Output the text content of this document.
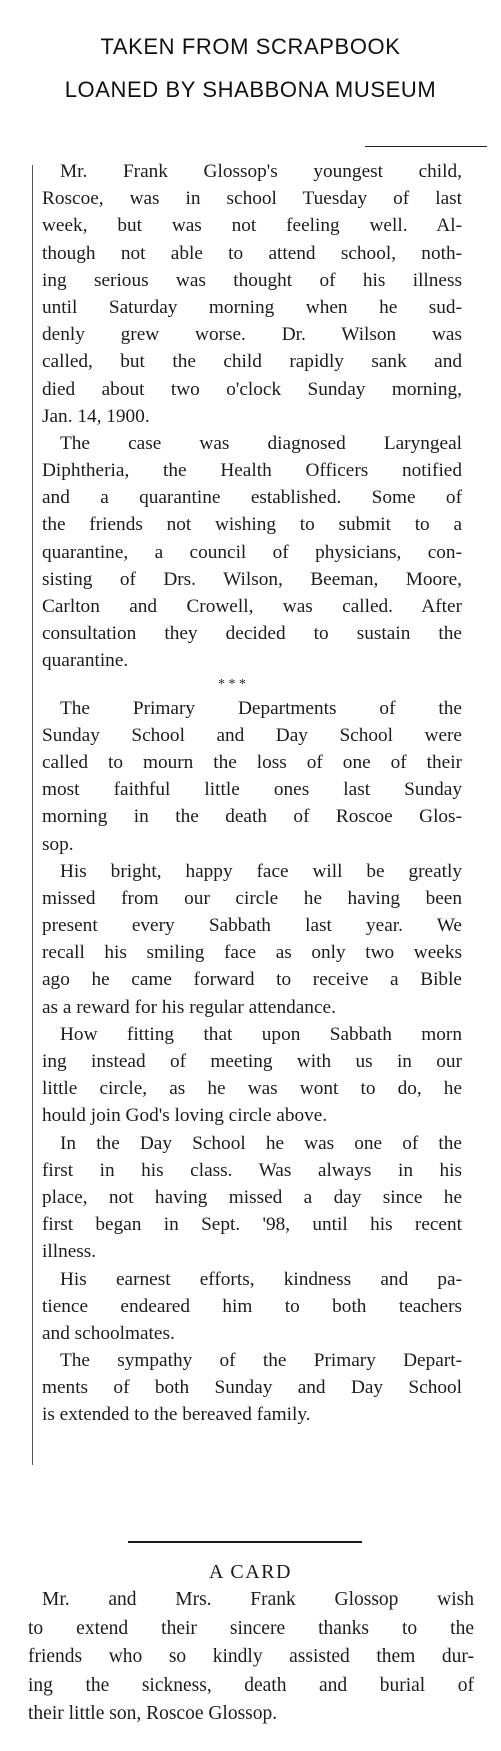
TAKEN FROM SCRAPBOOK
LOANED BY SHABBONA MUSEUM
Mr. Frank Glossop's youngest child,
Roscoe, was in school Tuesday of last
week, but was not feeling well. Al-
though not able to attend school, noth-
ing serious was thought of his illness
until Saturday morning when he sud-
denly grew worse. Dr. Wilson was
called, but the child rapidly sank and
died about two o'clock Sunday morning,
Jan. 14, 1900.
The case was diagnosed Laryngeal
Diphtheria, the Health Officers notified
and a quarantine established. Some of
the friends not wishing to submit to a
quarantine, a council of physicians, con-
sisting of Drs. Wilson, Beeman, Moore,
Carlton and Crowell, was called. After
consultation they decided to sustain the
quarantine.
* * *
The Primary Departments of the
Sunday School and Day School were
called to mourn the loss of one of their
most faithful little ones last Sunday
morning in the death of Roscoe Glos-
sop.
His bright, happy face will be greatly
missed from our circle he having been
present every Sabbath last year. We
recall his smiling face as only two weeks
ago he came forward to receive a Bible
as a reward for his regular attendance.
How fitting that upon Sabbath morn
ing instead of meeting with us in our
little circle, as he was wont to do, he
hould join God's loving circle above.
In the Day School he was one of the
first in his class. Was always in his
place, not having missed a day since he
first began in Sept. '98, until his recent
illness.
His earnest efforts, kindness and pa-
tience endeared him to both teachers
and schoolmates.
The sympathy of the Primary Depart-
ments of both Sunday and Day School
is extended to the bereaved family.
A CARD
Mr. and Mrs. Frank Glossop wish
to extend their sincere thanks to the
friends who so kindly assisted them dur-
ing the sickness, death and burial of
their little son, Roscoe Glossop.
